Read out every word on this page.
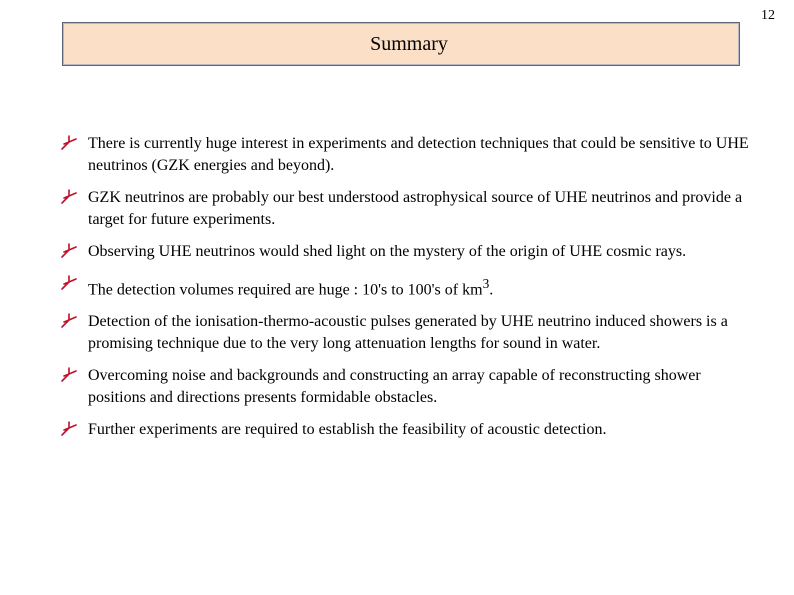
12
Summary
There is currently huge interest in experiments and detection techniques that could be sensitive to UHE neutrinos (GZK energies and beyond).
GZK neutrinos are probably our best understood astrophysical source of UHE neutrinos and provide a target for future experiments.
Observing UHE neutrinos would shed light on the mystery of the origin of UHE cosmic rays.
The detection volumes required are huge : 10's to 100's of $km^3$.
Detection of the ionisation-thermo-acoustic pulses generated by UHE neutrino induced showers is a promising technique due to the very long attenuation lengths for sound in water.
Overcoming noise and backgrounds and constructing an array capable of reconstructing shower positions and directions presents formidable obstacles.
Further experiments are required to establish the feasibility of acoustic detection.
